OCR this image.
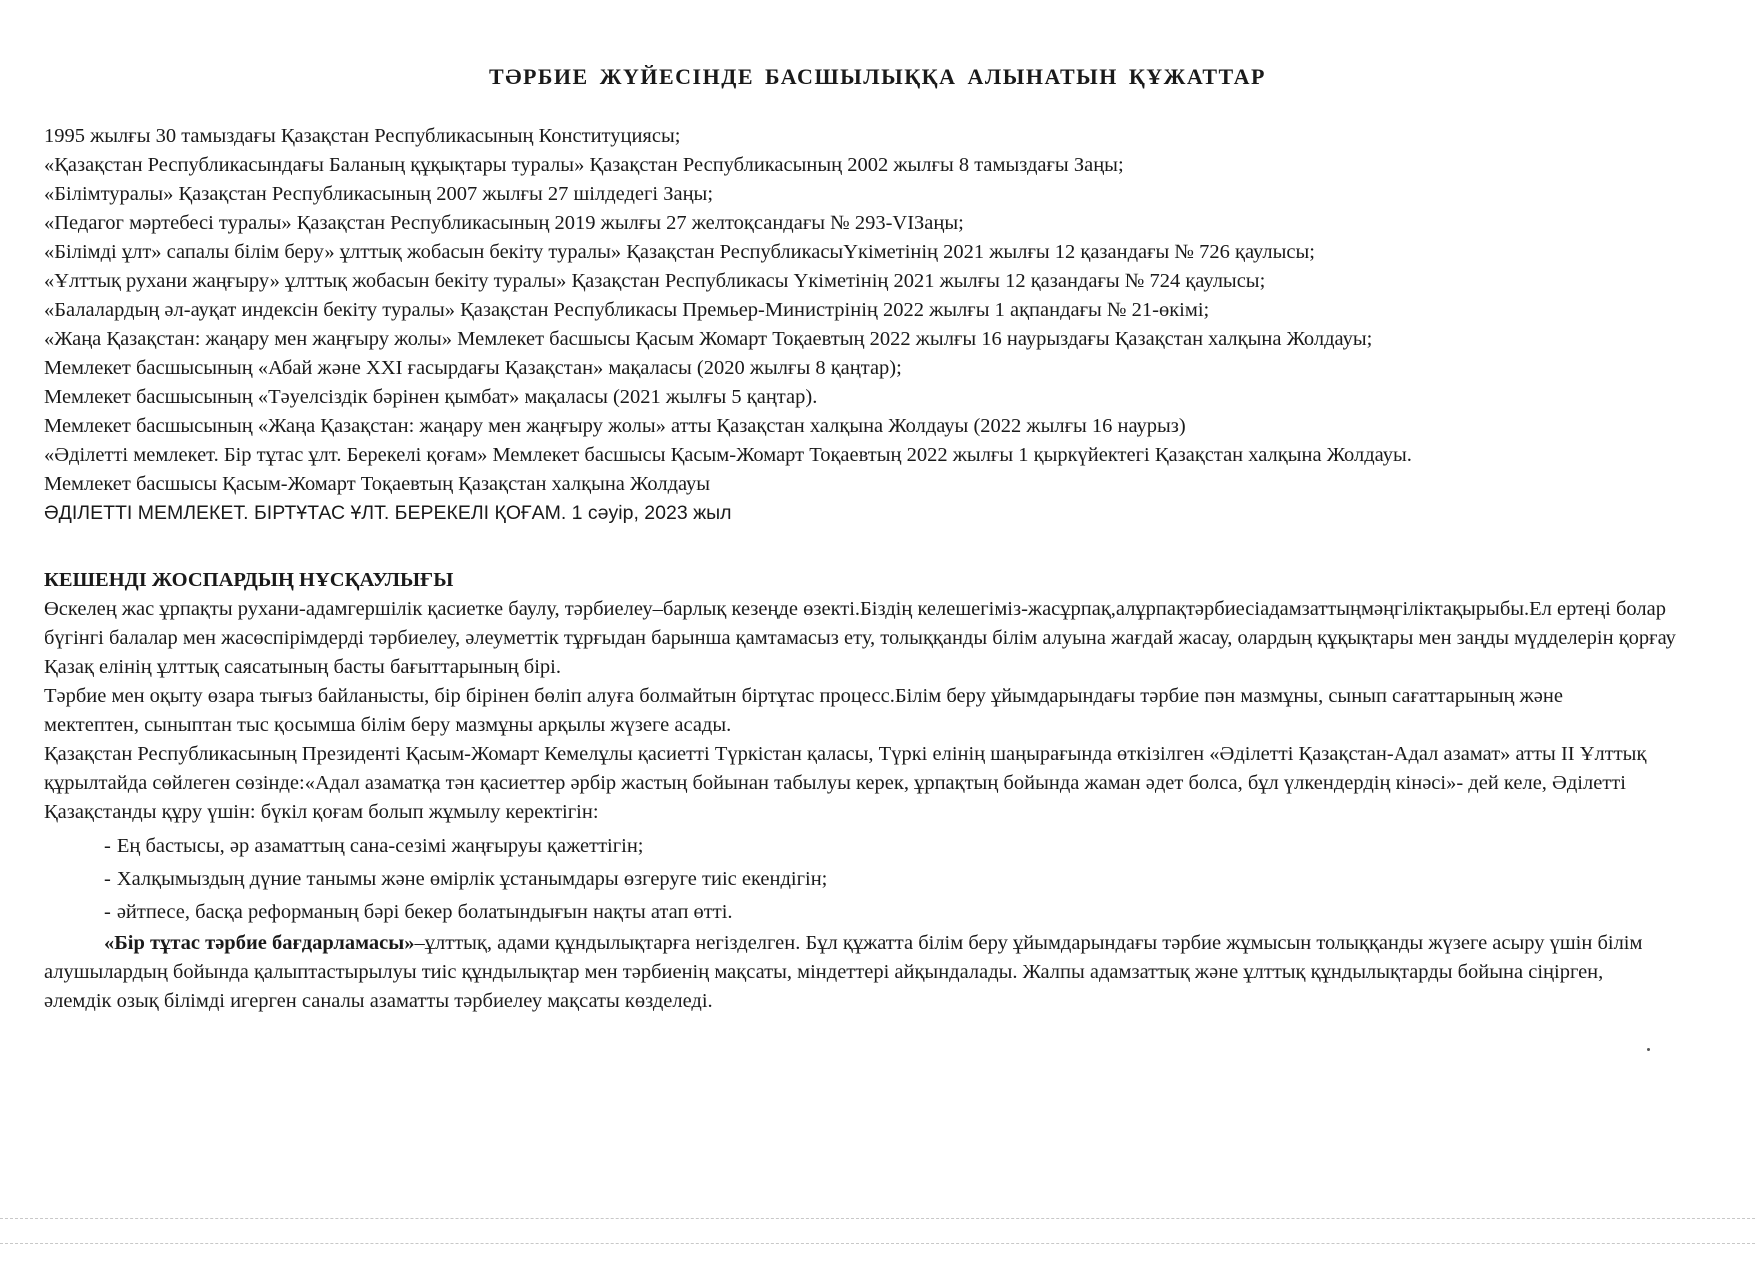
ТӘРБИЕ ЖҮЙЕСІНДЕ БАСШЫЛЫҚҚА АЛЫНАТЫН ҚҰЖАТТАР
1995 жылғы 30 тамыздағы Қазақстан Республикасының Конституциясы;
«Қазақстан Республикасындағы Баланың құқықтары туралы» Қазақстан Республикасының 2002 жылғы 8 тамыздағы Заңы;
«Білімтуралы» Қазақстан Республикасының 2007 жылғы 27 шілдедегі Заңы;
«Педагог мәртебесі туралы» Қазақстан Республикасының 2019 жылғы 27 желтоқсандағы № 293-VIЗаңы;
«Білімді ұлт» сапалы білім беру» ұлттық жобасын бекіту туралы» Қазақстан РеспубликасыҮкіметінің 2021 жылғы 12 қазандағы № 726 қаулысы;
«Ұлттық рухани жаңғыру» ұлттық жобасын бекіту туралы» Қазақстан Республикасы Үкіметінің 2021 жылғы 12 қазандағы № 724 қаулысы;
«Балалардың әл-ауқат индексін бекіту туралы» Қазақстан Республикасы Премьер-Министрінің 2022 жылғы 1 ақпандағы № 21-өкімі;
«Жаңа Қазақстан: жаңару мен жаңғыру жолы» Мемлекет басшысы Қасым Жомарт Тоқаевтың 2022 жылғы 16 наурыздағы Қазақстан халқына Жолдауы;
Мемлекет басшысының «Абай және XXI ғасырдағы Қазақстан» мақаласы (2020 жылғы 8 қаңтар);
Мемлекет басшысының «Тәуелсіздік бәрінен қымбат» мақаласы (2021 жылғы 5 қаңтар).
Мемлекет басшысының «Жаңа Қазақстан: жаңару мен жаңғыру жолы» атты Қазақстан халқына Жолдауы (2022 жылғы 16 наурыз)
«Әділетті мемлекет. Бір тұтас ұлт. Берекелі қоғам» Мемлекет басшысы Қасым-Жомарт Тоқаевтың 2022 жылғы 1 қыркүйектегі Қазақстан халқына Жолдауы.
Мемлекет басшысы Қасым-Жомарт Тоқаевтың Қазақстан халқына Жолдауы
ӘДІЛЕТТІ МЕМЛЕКЕТ. БІРТҰТАС ҰЛТ. БЕРЕКЕЛІ ҚОҒАМ. 1 сәуір, 2023 жыл
КЕШЕНДІ ЖОСПАРДЫҢ НҰСҚАУЛЫҒЫ

Өскелең жас ұрпақты рухани-адамгершілік қасиетке баулу, тәрбиелеу–барлық кезеңде өзекті.Біздің келешегіміз-жасұрпақ,алұрпақтәрбиесіадамзаттыңмәңгіліктақырыбы.Ел ертеңі болар бүгінгі балалар мен жасөспірімдерді тәрбиелеу, әлеуметтік тұрғыдан барынша қамтамасыз ету, толыққанды білім алуына жағдай жасау, олардың құқықтары мен заңды мүдделерін қорғау Қазақ елінің ұлттық саясатының басты бағыттарының бірі.

Тәрбие мен оқыту өзара тығыз байланысты, бір бірінен бөліп алуға болмайтын біртұтас процесс.Білім беру ұйымдарындағы тәрбие пән мазмұны, сынып сағаттарының және мектептен, сыныптан тыс қосымша білім беру мазмұны арқылы жүзеге асады.

Қазақстан Республикасының Президенті Қасым-Жомарт Кемелұлы қасиетті Түркістан қаласы, Түркі елінің шаңырағында өткізілген «Әділетті Қазақстан-Адал азамат» атты ІІ Ұлттық құрылтайда сөйлеген сөзінде:«Адал азаматқа тән қасиеттер әрбір жастың бойынан табылуы керек, ұрпақтың бойында жаман әдет болса, бұл үлкендердің кінәсі»- дей келе, Әділетті Қазақстанды құру үшін: бүкіл қоғам болып жұмылу керектігін:

- Ең бастысы, әр азаматтың сана-сезімі жаңғыруы қажеттігін;
- Халқымыздың дүние танымы және өмірлік ұстанымдары өзгеруге тиіс екендігін;
- әйтпесе, басқа реформаның бәрі бекер болатындығын нақты атап өтті.

«Бір тұтас тәрбие бағдарламасы»–ұлттық, адами құндылықтарға негізделген. Бұл құжатта білім беру ұйымдарындағы тәрбие жұмысын толыққанды жүзеге асыру үшін білім алушылардың бойында қалыптастырылуы тиіс құндылықтар мен тәрбиенің мақсаты, міндеттері айқындалады. Жалпы адамзаттық және ұлттық құндылықтарды бойына сіңірген, әлемдік озық білімді игерген саналы азаматты тәрбиелеу мақсаты көзделеді.
